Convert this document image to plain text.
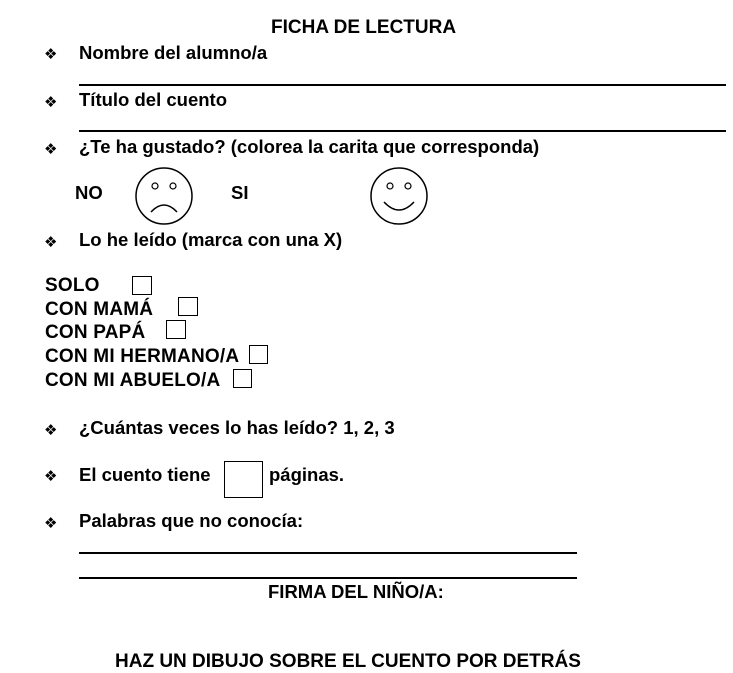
FICHA DE LECTURA
❖ Nombre del alumno/a
❖ Título del cuento
❖ ¿Te ha gustado? (colorea la carita que corresponda)
NO	SI
❖ Lo he leído (marca con una X)
SOLO
CON MAMÁ
CON PAPÁ
CON MI HERMANO/A
CON MI ABUELO/A
❖ ¿Cuántas veces lo has leído? 1, 2, 3
❖ El cuento tiene	páginas.
❖ Palabras que no conocía:
FIRMA DEL NIÑO/A:
HAZ UN DIBUJO SOBRE EL CUENTO POR DETRÁS
